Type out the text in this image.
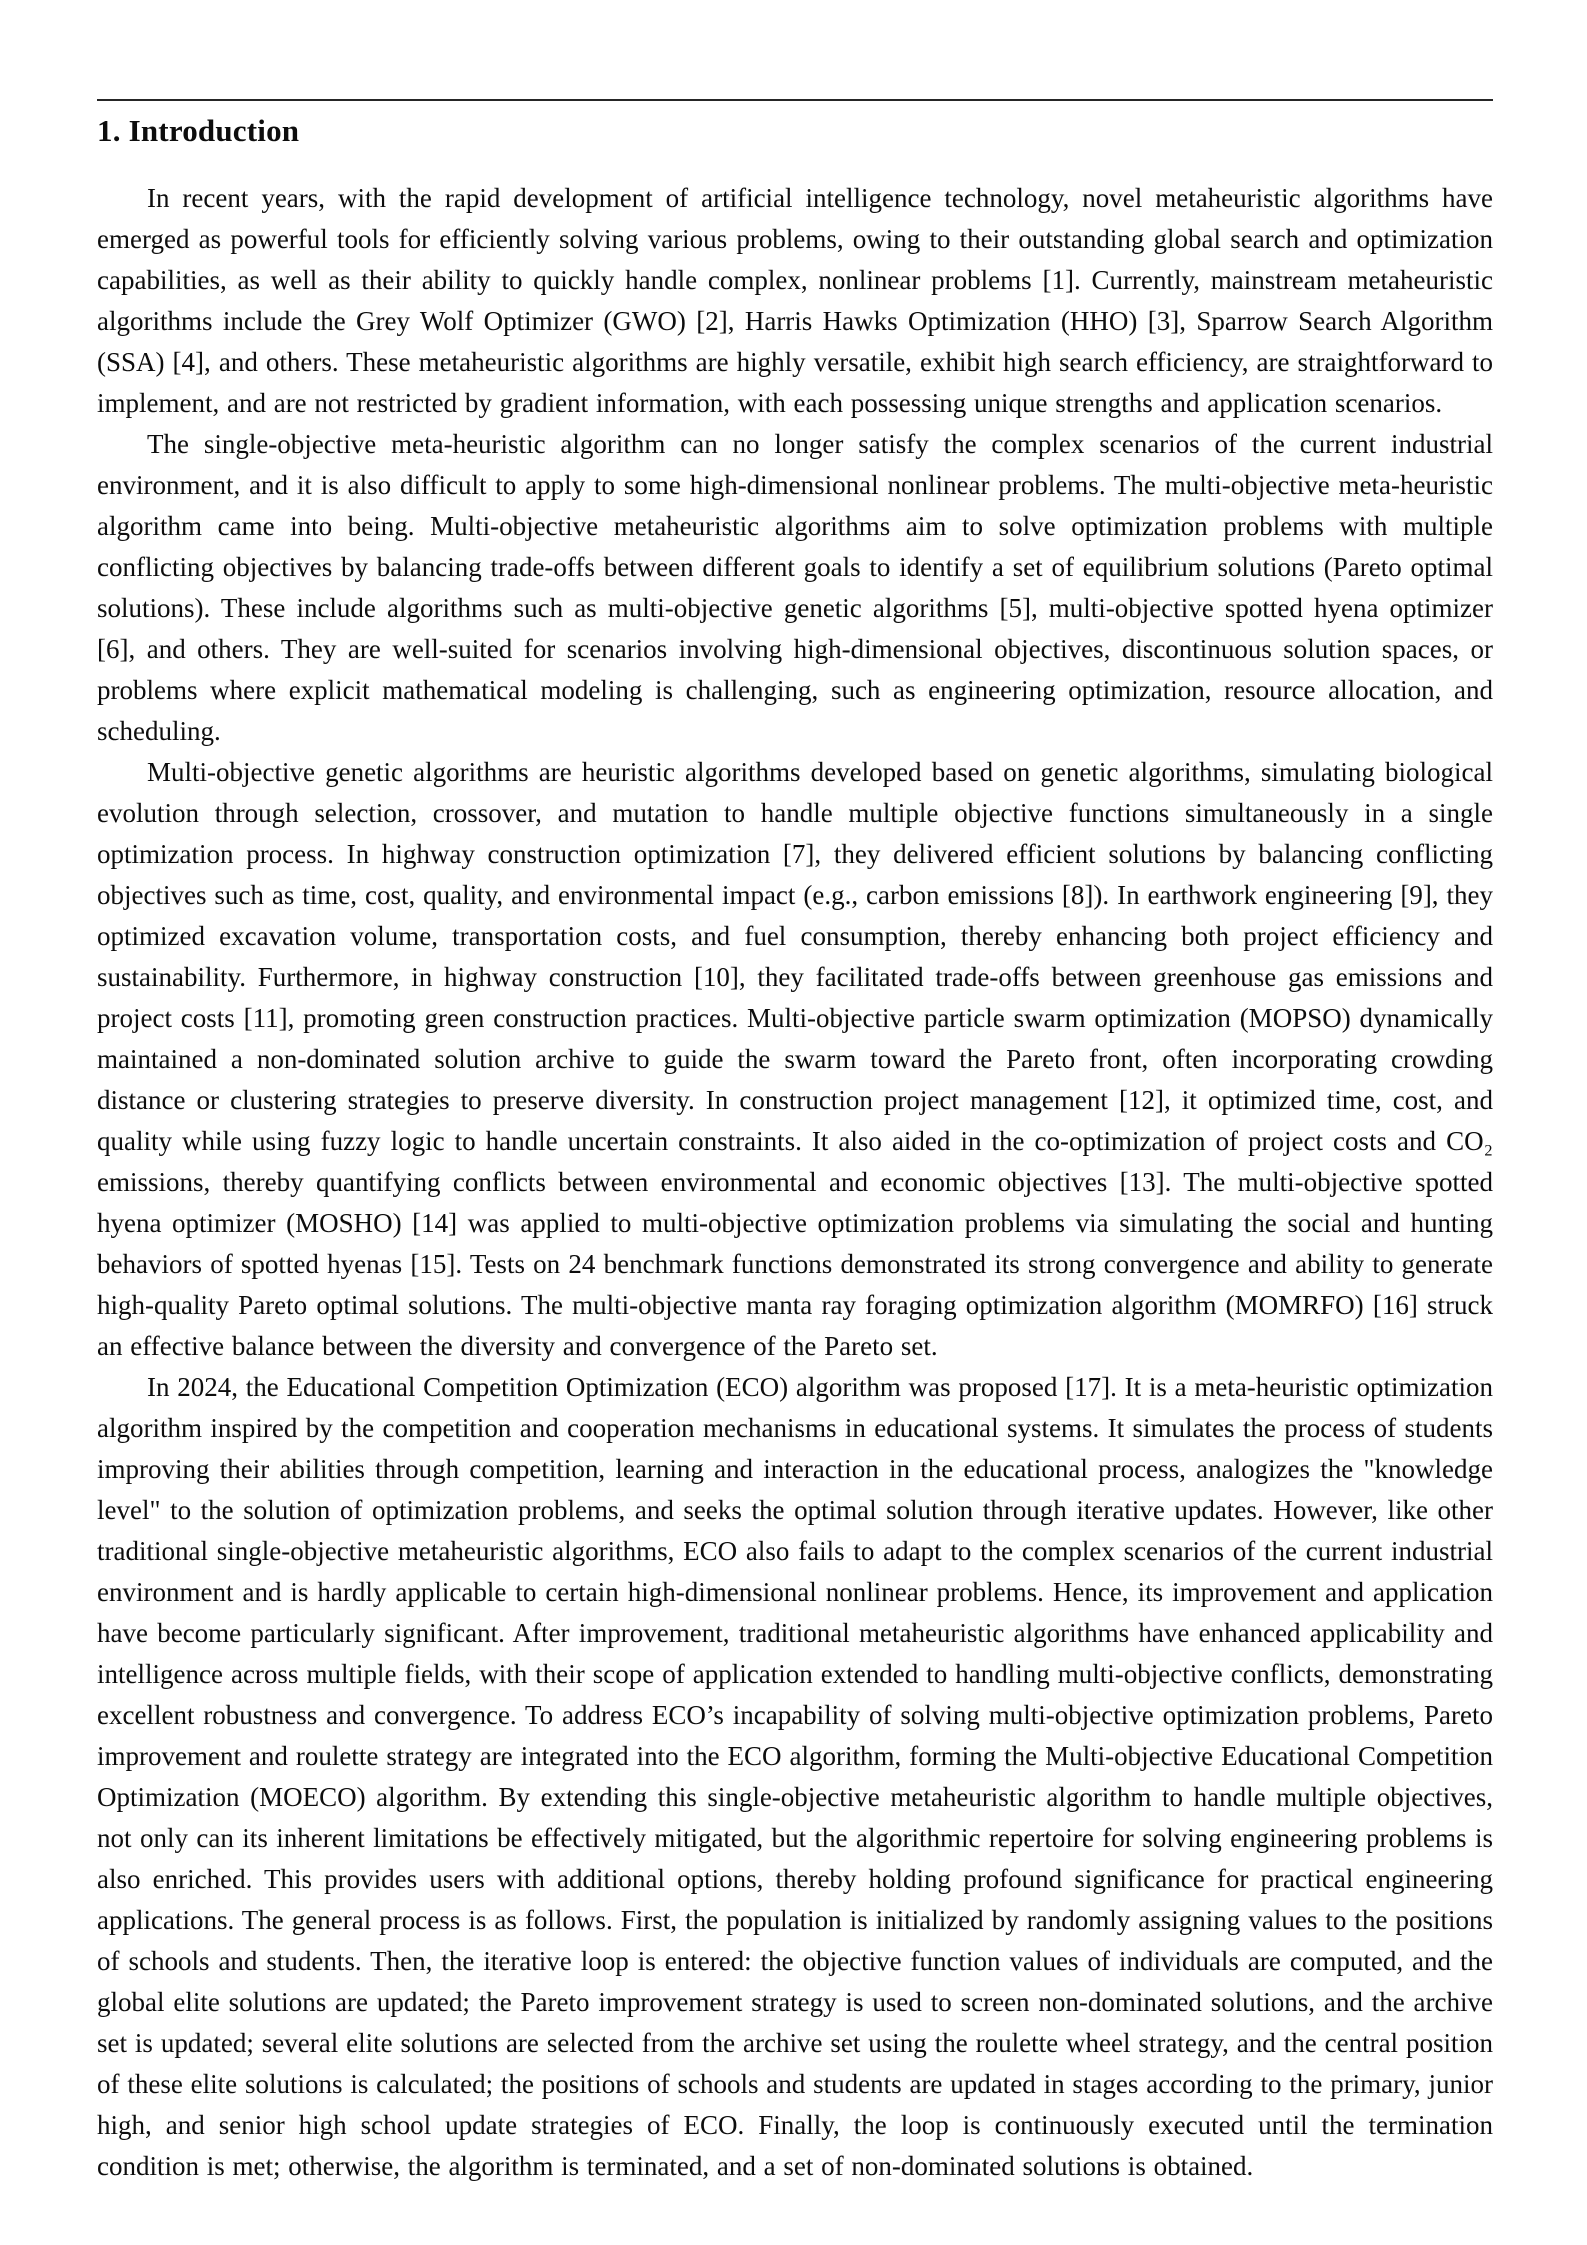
1. Introduction

In recent years, with the rapid development of artificial intelligence technology, novel metaheuristic algorithms have emerged as powerful tools for efficiently solving various problems, owing to their outstanding global search and optimization capabilities, as well as their ability to quickly handle complex, nonlinear problems [1]. Currently, mainstream metaheuristic algorithms include the Grey Wolf Optimizer (GWO) [2], Harris Hawks Optimization (HHO) [3], Sparrow Search Algorithm (SSA) [4], and others. These metaheuristic algorithms are highly versatile, exhibit high search efficiency, are straightforward to implement, and are not restricted by gradient information, with each possessing unique strengths and application scenarios.

The single-objective meta-heuristic algorithm can no longer satisfy the complex scenarios of the current industrial environment, and it is also difficult to apply to some high-dimensional nonlinear problems. The multi-objective meta-heuristic algorithm came into being. Multi-objective metaheuristic algorithms aim to solve optimization problems with multiple conflicting objectives by balancing trade-offs between different goals to identify a set of equilibrium solutions (Pareto optimal solutions). These include algorithms such as multi-objective genetic algorithms [5], multi-objective spotted hyena optimizer [6], and others. They are well-suited for scenarios involving high-dimensional objectives, discontinuous solution spaces, or problems where explicit mathematical modeling is challenging, such as engineering optimization, resource allocation, and scheduling.

Multi-objective genetic algorithms are heuristic algorithms developed based on genetic algorithms, simulating biological evolution through selection, crossover, and mutation to handle multiple objective functions simultaneously in a single optimization process. In highway construction optimization [7], they delivered efficient solutions by balancing conflicting objectives such as time, cost, quality, and environmental impact (e.g., carbon emissions [8]). In earthwork engineering [9], they optimized excavation volume, transportation costs, and fuel consumption, thereby enhancing both project efficiency and sustainability. Furthermore, in highway construction [10], they facilitated trade-offs between greenhouse gas emissions and project costs [11], promoting green construction practices. Multi-objective particle swarm optimization (MOPSO) dynamically maintained a non-dominated solution archive to guide the swarm toward the Pareto front, often incorporating crowding distance or clustering strategies to preserve diversity. In construction project management [12], it optimized time, cost, and quality while using fuzzy logic to handle uncertain constraints. It also aided in the co-optimization of project costs and CO₂ emissions, thereby quantifying conflicts between environmental and economic objectives [13]. The multi-objective spotted hyena optimizer (MOSHO) [14] was applied to multi-objective optimization problems via simulating the social and hunting behaviors of spotted hyenas [15]. Tests on 24 benchmark functions demonstrated its strong convergence and ability to generate high-quality Pareto optimal solutions. The multi-objective manta ray foraging optimization algorithm (MOMRFO) [16] struck an effective balance between the diversity and convergence of the Pareto set.

In 2024, the Educational Competition Optimization (ECO) algorithm was proposed [17]. It is a meta-heuristic optimization algorithm inspired by the competition and cooperation mechanisms in educational systems. It simulates the process of students improving their abilities through competition, learning and interaction in the educational process, analogizes the "knowledge level" to the solution of optimization problems, and seeks the optimal solution through iterative updates. However, like other traditional single-objective metaheuristic algorithms, ECO also fails to adapt to the complex scenarios of the current industrial environment and is hardly applicable to certain high-dimensional nonlinear problems. Hence, its improvement and application have become particularly significant. After improvement, traditional metaheuristic algorithms have enhanced applicability and intelligence across multiple fields, with their scope of application extended to handling multi-objective conflicts, demonstrating excellent robustness and convergence. To address ECO’s incapability of solving multi-objective optimization problems, Pareto improvement and roulette strategy are integrated into the ECO algorithm, forming the Multi-objective Educational Competition Optimization (MOECO) algorithm. By extending this single-objective metaheuristic algorithm to handle multiple objectives, not only can its inherent limitations be effectively mitigated, but the algorithmic repertoire for solving engineering problems is also enriched. This provides users with additional options, thereby holding profound significance for practical engineering applications. The general process is as follows. First, the population is initialized by randomly assigning values to the positions of schools and students. Then, the iterative loop is entered: the objective function values of individuals are computed, and the global elite solutions are updated; the Pareto improvement strategy is used to screen non-dominated solutions, and the archive set is updated; several elite solutions are selected from the archive set using the roulette wheel strategy, and the central position of these elite solutions is calculated; the positions of schools and students are updated in stages according to the primary, junior high, and senior high school update strategies of ECO. Finally, the loop is continuously executed until the termination condition is met; otherwise, the algorithm is terminated, and a set of non-dominated solutions is obtained.
